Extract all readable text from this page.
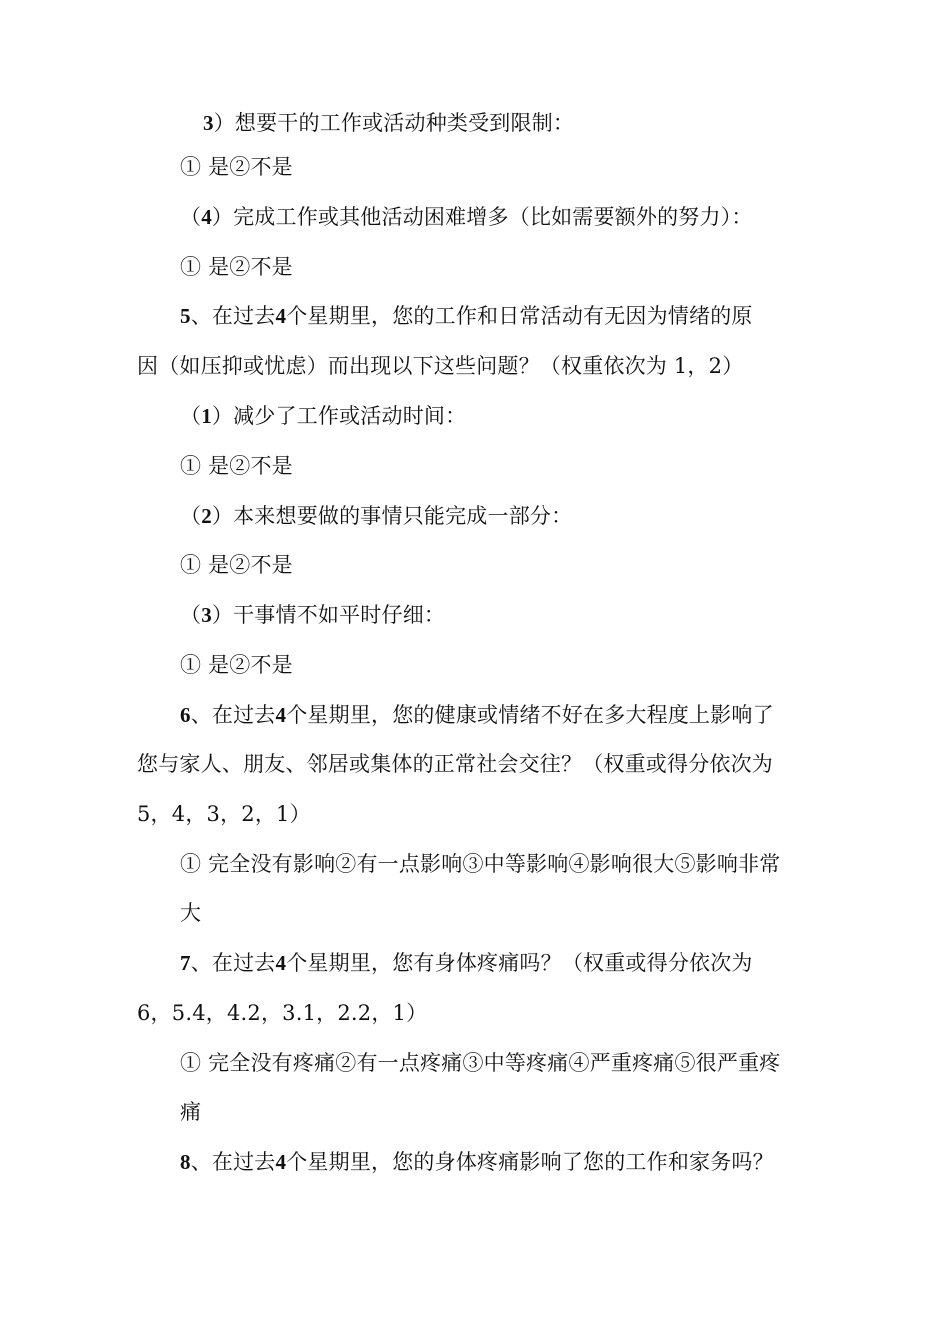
3）想要干的工作或活动种类受到限制：
① 是②不是
（4）完成工作或其他活动困难增多（比如需要额外的努力）：
① 是②不是
5、在过去4个星期里，您的工作和日常活动有无因为情绪的原
因（如压抑或忧虑）而出现以下这些问题？（权重依次为 1，2）
（1）减少了工作或活动时间：
① 是②不是
（2）本来想要做的事情只能完成一部分：
① 是②不是
（3）干事情不如平时仔细：
① 是②不是
6、在过去4个星期里，您的健康或情绪不好在多大程度上影响了
您与家人、朋友、邻居或集体的正常社会交往？（权重或得分依次为
5，4，3，2，1）
① 完全没有影响②有一点影响③中等影响④影响很大⑤影响非常
大
7、在过去4个星期里，您有身体疼痛吗？（权重或得分依次为
6，5.4，4.2，3.1，2.2，1）
① 完全没有疼痛②有一点疼痛③中等疼痛④严重疼痛⑤很严重疼
痛
8、在过去4个星期里，您的身体疼痛影响了您的工作和家务吗？
